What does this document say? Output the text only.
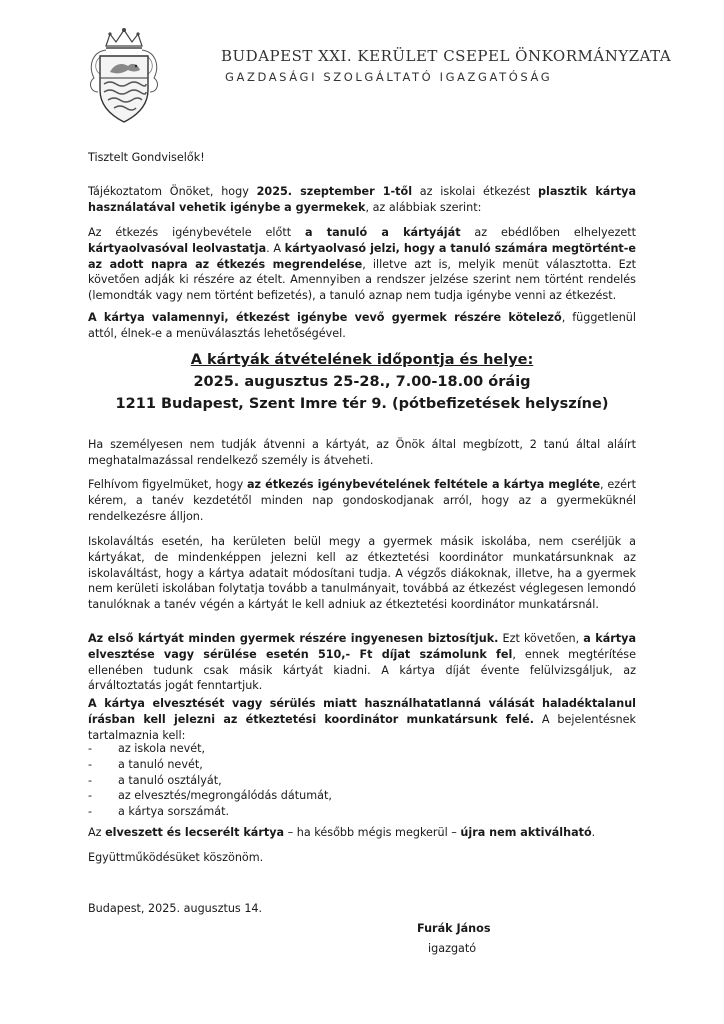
BUDAPEST XXI. KERÜLET CSEPEL ÖNKORMÁNYZATA
GAZDASÁGI SZOLGÁLTATÓ IGAZGATÓSÁG
Tisztelt Gondviselők!

Tájékoztatom Önöket, hogy 2025. szeptember 1-től az iskolai étkezést plasztik kártya használatával vehetik igénybe a gyermekek, az alábbiak szerint:

Az étkezés igénybevétele előtt a tanuló a kártyáját az ebédlőben elhelyezett kártyaolvasóval leolvastatja. A kártyaolvasó jelzi, hogy a tanuló számára megtörtént-e az adott napra az étkezés megrendelése, illetve azt is, melyik menüt választotta. Ezt követően adják ki részére az ételt. Amennyiben a rendszer jelzése szerint nem történt rendelés (lemondták vagy nem történt befizetés), a tanuló aznap nem tudja igénybe venni az étkezést.

A kártya valamennyi, étkezést igénybe vevő gyermek részére kötelező, függetlenül attól, élnek-e a menüválasztás lehetőségével.

A kártyák átvételének időpontja és helye:
2025. augusztus 25-28., 7.00-18.00 óráig
1211 Budapest, Szent Imre tér 9. (pótbefizetések helyszíne)
Ha személyesen nem tudják átvenni a kártyát, az Önök által megbízott, 2 tanú által aláírt meghatalmazással rendelkező személy is átveheti.

Felhívom figyelmüket, hogy az étkezés igénybevételének feltétele a kártya megléte, ezért kérem, a tanév kezdetétől minden nap gondoskodjanak arról, hogy az a gyermeküknél rendelkezésre álljon.

Iskolaváltás esetén, ha kerületen belül megy a gyermek másik iskolába, nem cseréljük a kártyákat, de mindenképpen jelezni kell az étkeztetési koordinátor munkatársunknak az iskolaváltást, hogy a kártya adatait módosítani tudja. A végzős diákoknak, illetve, ha a gyermek nem kerületi iskolában folytatja tovább a tanulmányait, továbbá az étkezést véglegesen lemondó tanulóknak a tanév végén a kártyát le kell adniuk az étkeztetési koordinátor munkatársnál.

Az első kártyát minden gyermek részére ingyenesen biztosítjuk. Ezt követően, a kártya elvesztése vagy sérülése esetén 510,- Ft díjat számolunk fel, ennek megtérítése ellenében tudunk csak másik kártyát kiadni. A kártya díját évente felülvizsgáljuk, az árváltoztatás jogát fenntartjuk.

A kártya elvesztését vagy sérülés miatt használhatatlanná válását haladéktalanul írásban kell jelezni az étkeztetési koordinátor munkatársunk felé. A bejelentésnek tartalmaznia kell:

- az iskola nevét,
- a tanuló nevét,
- a tanuló osztályát,
- az elvesztés/megrongálódás dátumát,
- a kártya sorszámát.

Az elveszett és lecserélt kártya – ha később mégis megkerül – újra nem aktiválható.

Együttműködésüket köszönöm.
Budapest, 2025. augusztus 14.
Furák János
igazgató
